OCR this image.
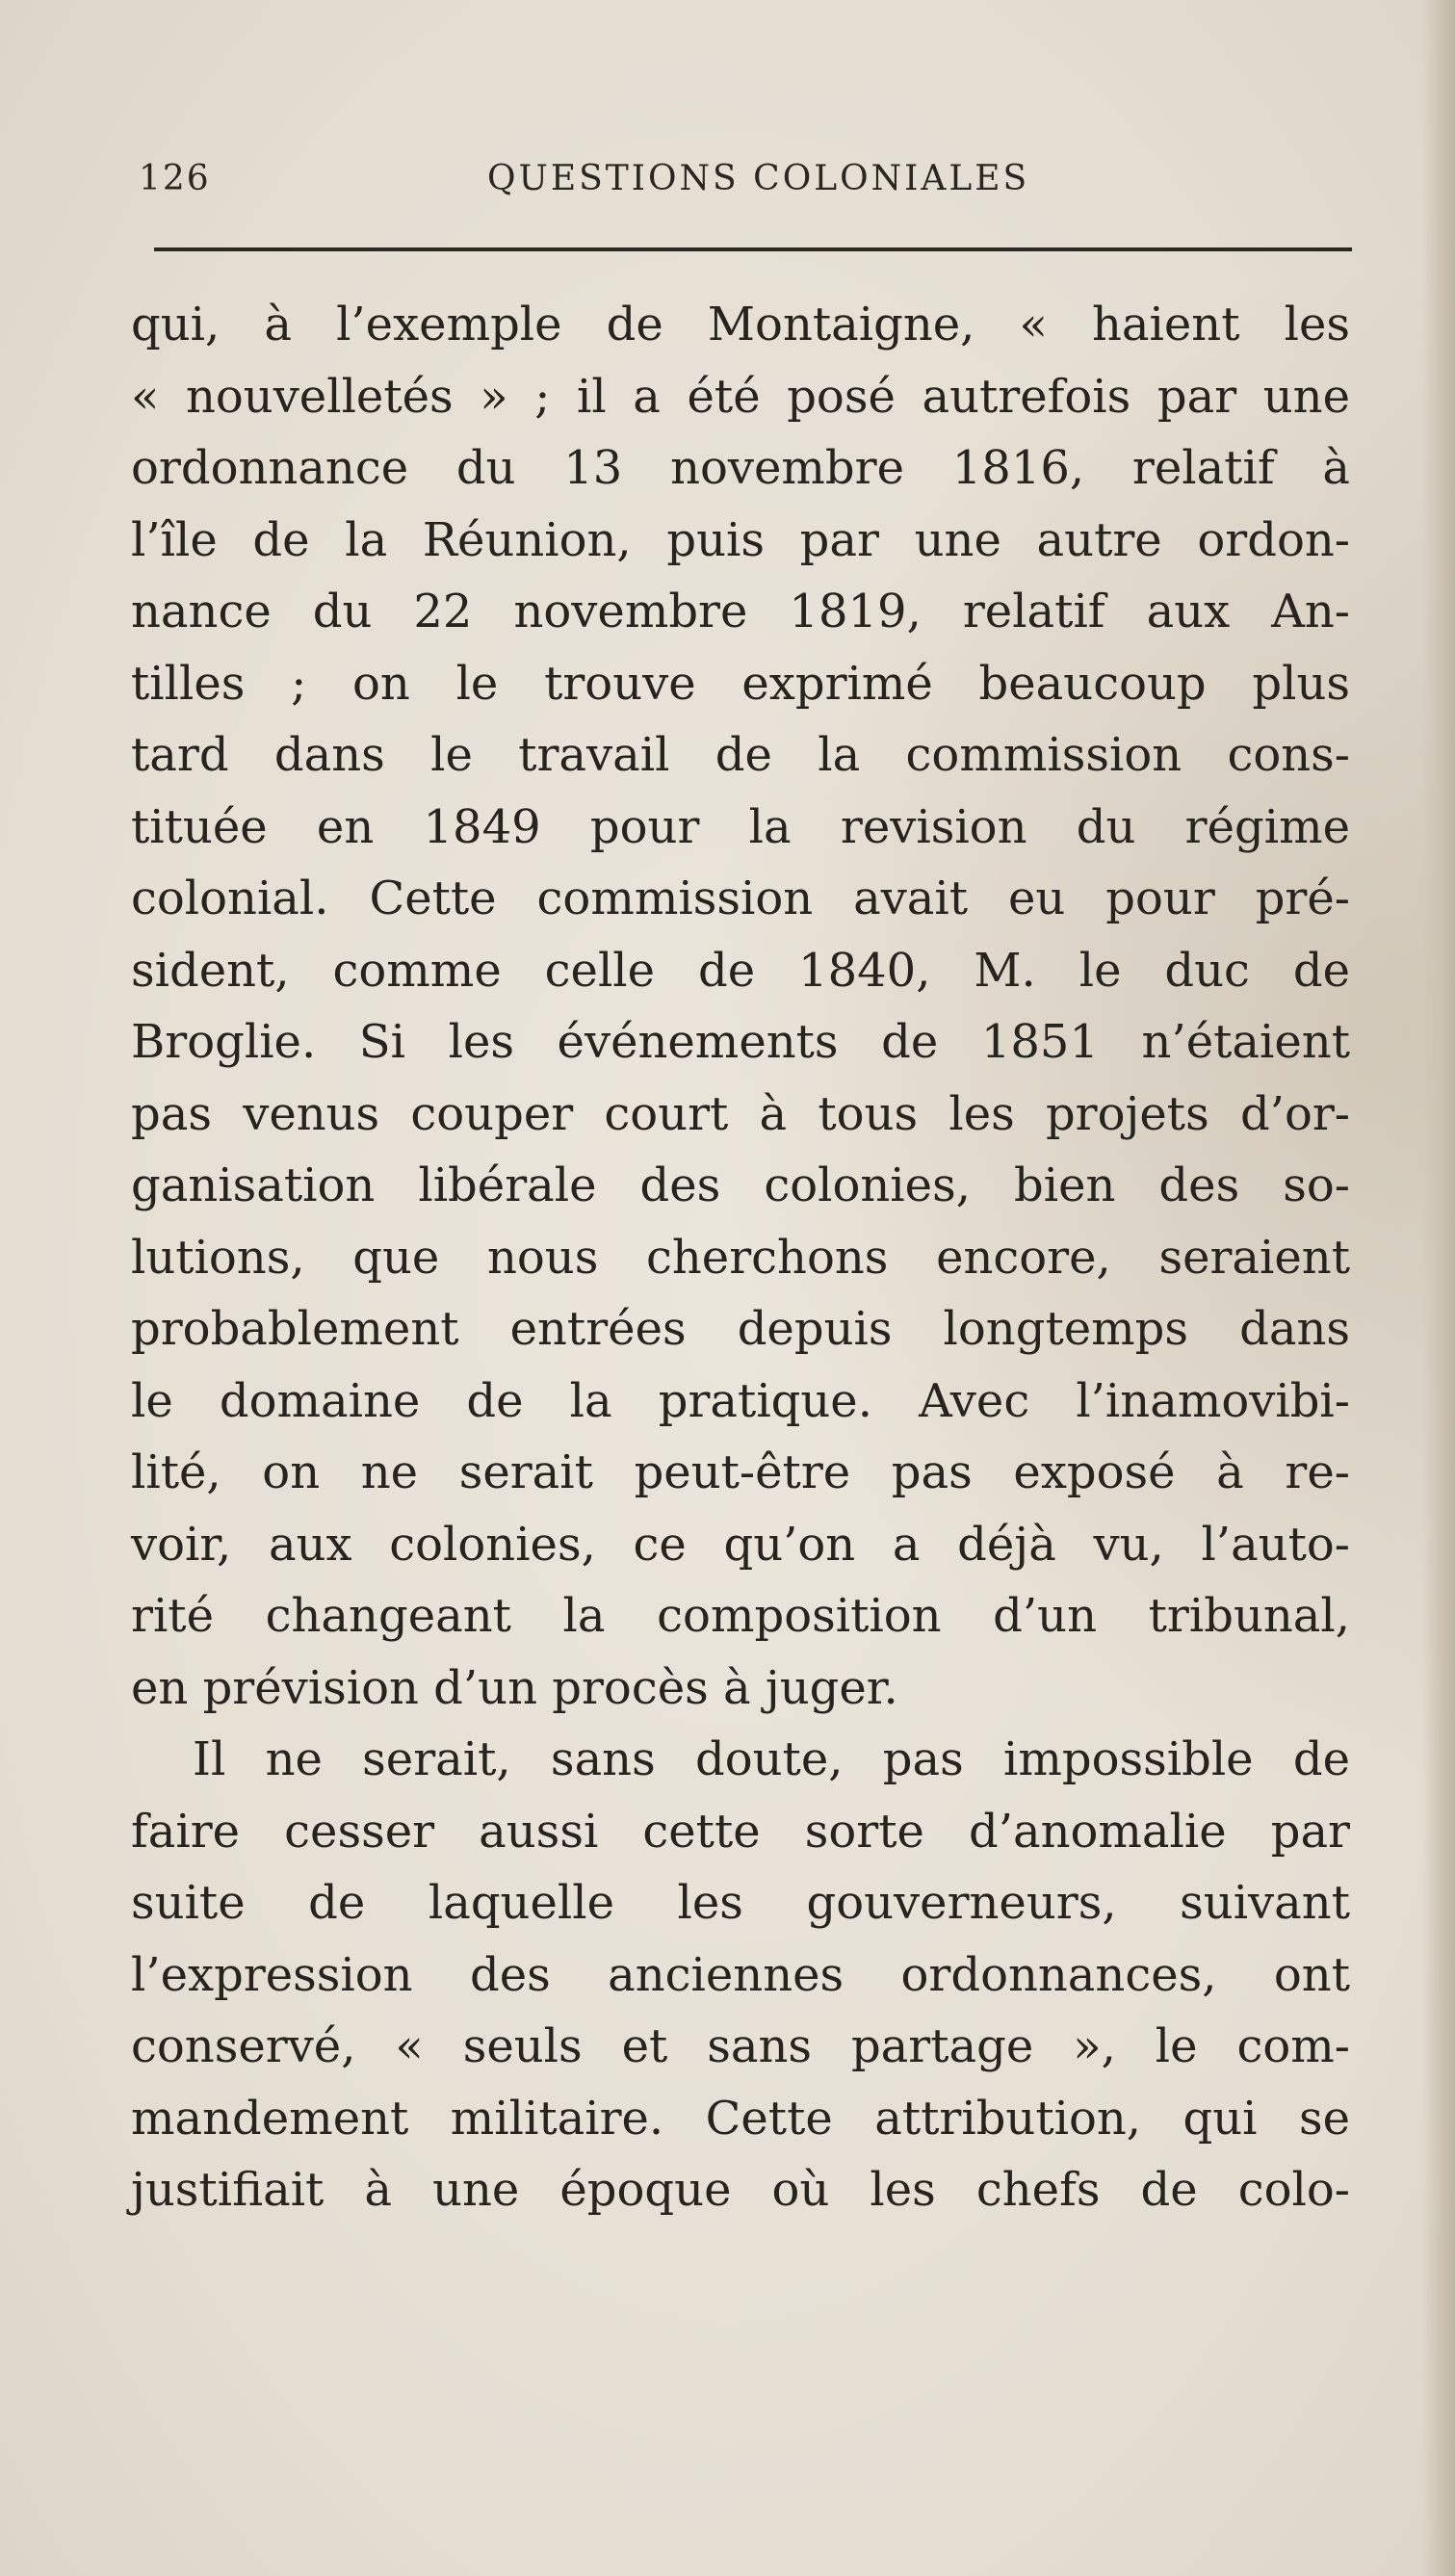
126	QUESTIONS COLONIALES
qui, à l’exemple de Montaigne, « haient les
« nouvelletés » ; il a été posé autrefois par une
ordonnance du 13 novembre 1816, relatif à
l’île de la Réunion, puis par une autre ordon-
nance du 22 novembre 1819, relatif aux An-
tilles ; on le trouve exprimé beaucoup plus
tard dans le travail de la commission cons-
tituée en 1849 pour la revision du régime
colonial. Cette commission avait eu pour pré-
sident, comme celle de 1840, M. le duc de
Broglie. Si les événements de 1851 n’étaient
pas venus couper court à tous les projets d’or-
ganisation libérale des colonies, bien des so-
lutions, que nous cherchons encore, seraient
probablement entrées depuis longtemps dans
le domaine de la pratique. Avec l’inamovibi-
lité, on ne serait peut-être pas exposé à re-
voir, aux colonies, ce qu’on a déjà vu, l’auto-
rité changeant la composition d’un tribunal,
en prévision d’un procès à juger.
Il ne serait, sans doute, pas impossible de
faire cesser aussi cette sorte d’anomalie par
suite de laquelle les gouverneurs, suivant
l’expression des anciennes ordonnances, ont
conservé, « seuls et sans partage », le com-
mandement militaire. Cette attribution, qui se
justifiait à une époque où les chefs de colo-
